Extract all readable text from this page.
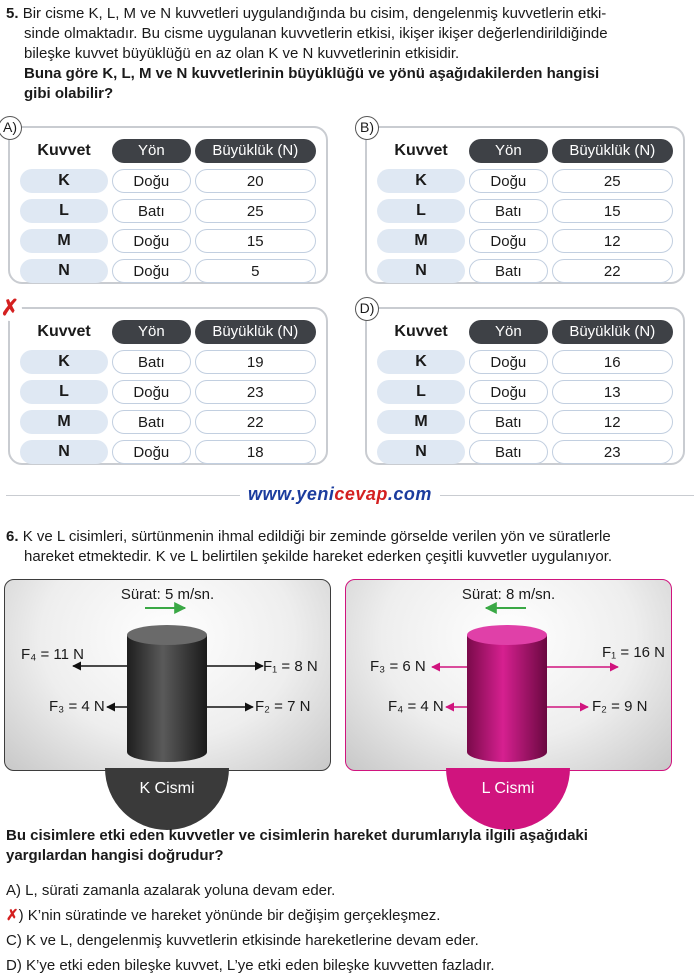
5. Bir cisme K, L, M ve N kuvvetleri uygulandığında bu cisim, dengelenmiş kuvvetlerin etki-
sinde olmaktadır. Bu cisme uygulanan kuvvetlerin etkisi, ikişer ikişer değerlendirildiğinde
bileşke kuvvet büyüklüğü en az olan K ve N kuvvetlerinin etkisidir.
Buna göre K, L, M ve N kuvvetlerinin büyüklüğü ve yönü aşağıdakilerden hangisi
gibi olabilir?
A)
Kuvvet	Yön	Büyüklük (N)
K	Doğu	20
L	Batı	25
M	Doğu	15
N	Doğu	5
B)
Kuvvet	Yön	Büyüklük (N)
K	Doğu	25
L	Batı	15
M	Doğu	12
N	Batı	22
✗
Kuvvet	Yön	Büyüklük (N)
K	Batı	19
L	Doğu	23
M	Batı	22
N	Doğu	18
D)
Kuvvet	Yön	Büyüklük (N)
K	Doğu	16
L	Doğu	13
M	Batı	12
N	Batı	23
www.yenicevap.com
6. K ve L cisimleri, sürtünmenin ihmal edildiği bir zeminde görselde verilen yön ve süratlerle
hareket etmektedir. K ve L belirtilen şekilde hareket ederken çeşitli kuvvetler uygulanıyor.
Sürat: 5 m/sn.
F₄ = 11 N
F₃ = 4 N
F₁ = 8 N
F₂ = 7 N
K Cismi
Sürat: 8 m/sn.
F₃ = 6 N
F₄ = 4 N
F₁ = 16 N
F₂ = 9 N
L Cismi
Bu cisimlere etki eden kuvvetler ve cisimlerin hareket durumlarıyla ilgili aşağıdaki
yargılardan hangisi doğrudur?
A) L, sürati zamanla azalarak yoluna devam eder.
✗) K’nin süratinde ve hareket yönünde bir değişim gerçekleşmez.
C) K ve L, dengelenmiş kuvvetlerin etkisinde hareketlerine devam eder.
D) K’ye etki eden bileşke kuvvet, L’ye etki eden bileşke kuvvetten fazladır.
